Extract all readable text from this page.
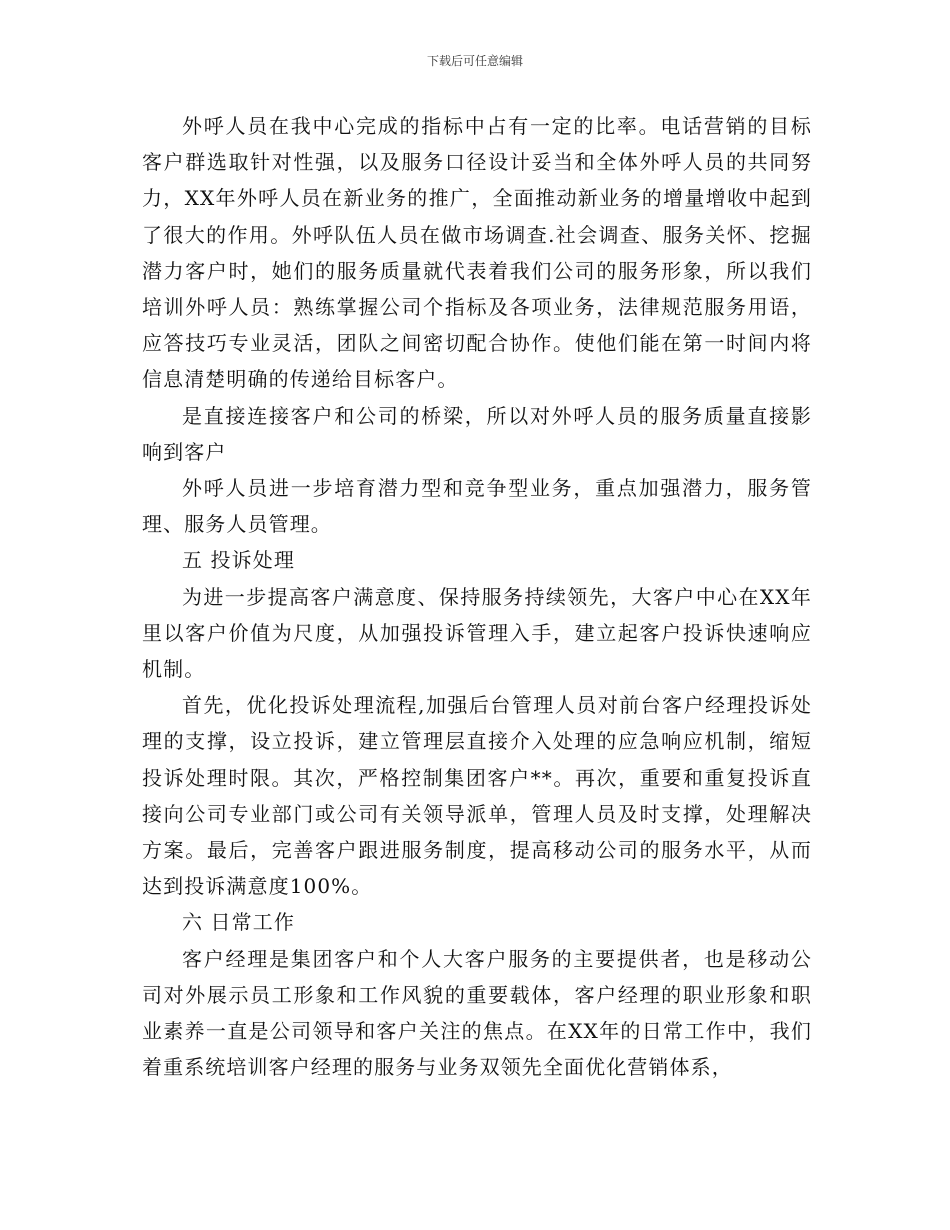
下载后可任意编辑

外呼人员在我中心完成的指标中占有一定的比率。电话营销的目标客户群选取针对性强，以及服务口径设计妥当和全体外呼人员的共同努力，XX年外呼人员在新业务的推广，全面推动新业务的增量增收中起到了很大的作用。外呼队伍人员在做市场调查.社会调查、服务关怀、挖掘潜力客户时，她们的服务质量就代表着我们公司的服务形象，所以我们培训外呼人员：熟练掌握公司个指标及各项业务，法律规范服务用语，应答技巧专业灵活，团队之间密切配合协作。使他们能在第一时间内将信息清楚明确的传递给目标客户。

是直接连接客户和公司的桥梁，所以对外呼人员的服务质量直接影响到客户

外呼人员进一步培育潜力型和竞争型业务，重点加强潜力，服务管理、服务人员管理。

五 投诉处理

为进一步提高客户满意度、保持服务持续领先，大客户中心在XX年里以客户价值为尺度，从加强投诉管理入手，建立起客户投诉快速响应机制。

首先，优化投诉处理流程,加强后台管理人员对前台客户经理投诉处理的支撑，设立投诉，建立管理层直接介入处理的应急响应机制，缩短投诉处理时限。其次，严格控制集团客户**。再次，重要和重复投诉直接向公司专业部门或公司有关领导派单，管理人员及时支撑，处理解决方案。最后，完善客户跟进服务制度，提高移动公司的服务水平，从而达到投诉满意度100%。

六 日常工作

客户经理是集团客户和个人大客户服务的主要提供者，也是移动公司对外展示员工形象和工作风貌的重要载体，客户经理的职业形象和职业素养一直是公司领导和客户关注的焦点。在XX年的日常工作中，我们着重系统培训客户经理的服务与业务双领先全面优化营销体系，
